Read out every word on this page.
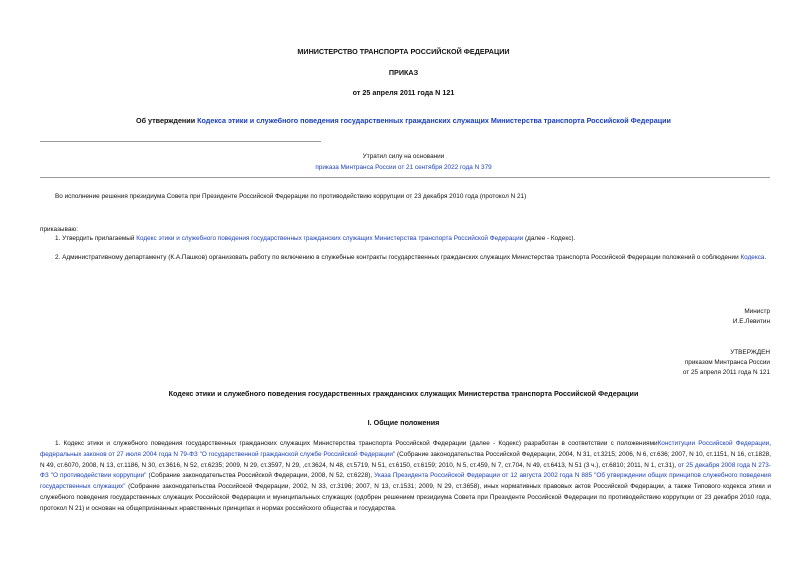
МИНИСТЕРСТВО ТРАНСПОРТА РОССИЙСКОЙ ФЕДЕРАЦИИ
ПРИКАЗ
от 25 апреля 2011 года N 121
Об утверждении Кодекса этики и служебного поведения государственных гражданских служащих Министерства транспорта Российской Федерации
Утратил силу на основании
приказа Минтранса России от 21 сентября 2022 года N 379
Во исполнение решения президиума Совета при Президенте Российской Федерации по противодействию коррупции от 23 декабря 2010 года (протокол N 21)
приказываю:
1. Утвердить прилагаемый Кодекс этики и служебного поведения государственных гражданских служащих Министерства транспорта Российской Федерации (далее - Кодекс).
2. Административному департаменту (К.А.Пашков) организовать работу по включению в служебные контракты государственных гражданских служащих Министерства транспорта Российской Федерации положений о соблюдении Кодекса.
Министр
И.Е.Левитин
УТВЕРЖДЕН
приказом Минтранса России
от 25 апреля 2011 года N 121
Кодекс этики и служебного поведения государственных гражданских служащих Министерства транспорта Российской Федерации
I. Общие положения
1. Кодекс этики и служебного поведения государственных гражданских служащих Министерства транспорта Российской Федерации (далее - Кодекс) разработан в соответствии с положениямиКонституции Российской Федерации, федеральных законов от 27 июля 2004 года N 79-ФЗ "О государственной гражданской службе Российской Федерации" (Собрание законодательства Российской Федерации, 2004, N 31, ст.3215; 2006, N 6, ст.636; 2007, N 10, ст.1151, N 16, ст.1828, N 49, ст.6070, 2008, N 13, ст.1186, N 30, ст.3616, N 52, ст.6235; 2009, N 29, ст.3597, N 29, ,ст.3624, N 48, ст.5719, N 51, ст.6150, ст.6159; 2010, N 5, ст.459, N 7, ст.704, N 49, ст.6413, N 51 (3 ч.), ст.6810; 2011, N 1, ст.31), от 25 декабря 2008 года N 273-ФЗ "О противодействии коррупции" (Собрание законодательства Российской Федерации, 2008, N 52, ст.6228), Указа Президента Российской Федерации от 12 августа 2002 года N 885 "Об утверждении общих принципов служебного поведения государственных служащих" (Собрание законодательства Российской Федерации, 2002, N 33, ст.3196; 2007, N 13, ст.1531; 2009, N 29, ст.3658), иных нормативных правовых актов Российской Федерации, а также Типового кодекса этики и служебного поведения государственных служащих Российской Федерации и муниципальных служащих (одобрен решением президиума Совета при Президенте Российской Федерации по противодействию коррупции от 23 декабря 2010 года, протокол N 21) и основан на общепризнанных нравственных принципах и нормах российского общества и государства.
